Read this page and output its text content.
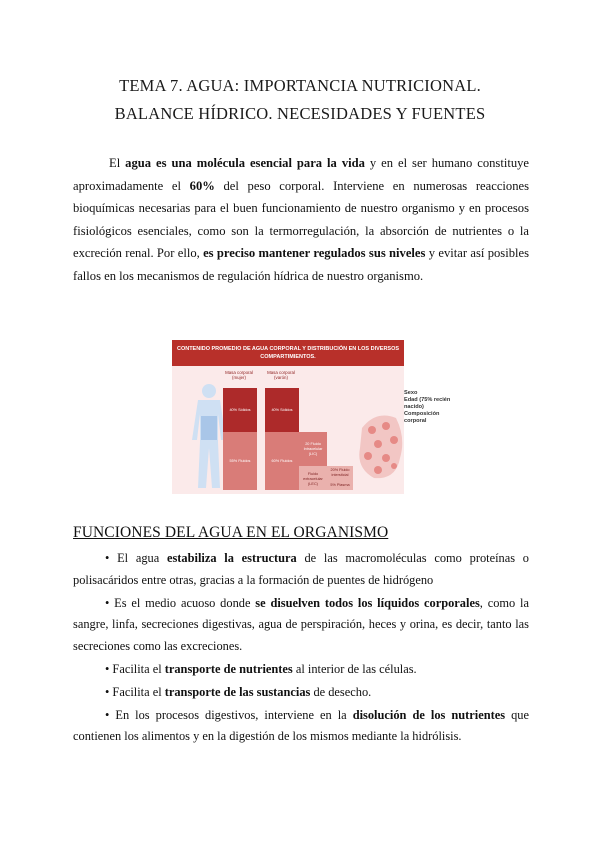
TEMA 7. AGUA: IMPORTANCIA NUTRICIONAL.
BALANCE HÍDRICO. NECESIDADES Y FUENTES

El agua es una molécula esencial para la vida y en el ser humano constituye aproximadamente el 60% del peso corporal. Interviene en numerosas reacciones bioquímicas necesarias para el buen funcionamiento de nuestro organismo y en procesos fisiológicos esenciales, como son la termorregulación, la absorción de nutrientes o la excreción renal. Por ello, es preciso mantener regulados sus niveles y evitar así posibles fallos en los mecanismos de regulación hídrica de nuestro organismo.

CONTENIDO PROMEDIO DE AGUA CORPORAL Y DISTRIBUCIÓN EN LOS DIVERSOS COMPARTIMIENTOS.
Masa corporal (mujer)
Masa corporal (varón)
40% Sólidos
55% Fluidos
40% Sólidos
60% Fluidos
20 Fluido Intracelular (LIC)
Fluido extracelular (LEC)
20% Fluido intersticial
5% Plasma
Sexo
Edad (75% recién nacido)
Composición corporal
FUNCIONES DEL AGUA EN EL ORGANISMO

• El agua estabiliza la estructura de las macromoléculas como proteínas o polisacáridos entre otras, gracias a la formación de puentes de hidrógeno

• Es el medio acuoso donde se disuelven todos los líquidos corporales, como la sangre, linfa, secreciones digestivas, agua de perspiración, heces y orina, es decir, tanto las secreciones como las excreciones.

• Facilita el transporte de nutrientes al interior de las células.

• Facilita el transporte de las sustancias de desecho.

• En los procesos digestivos, interviene en la disolución de los nutrientes que contienen los alimentos y en la digestión de los mismos mediante la hidrólisis.
